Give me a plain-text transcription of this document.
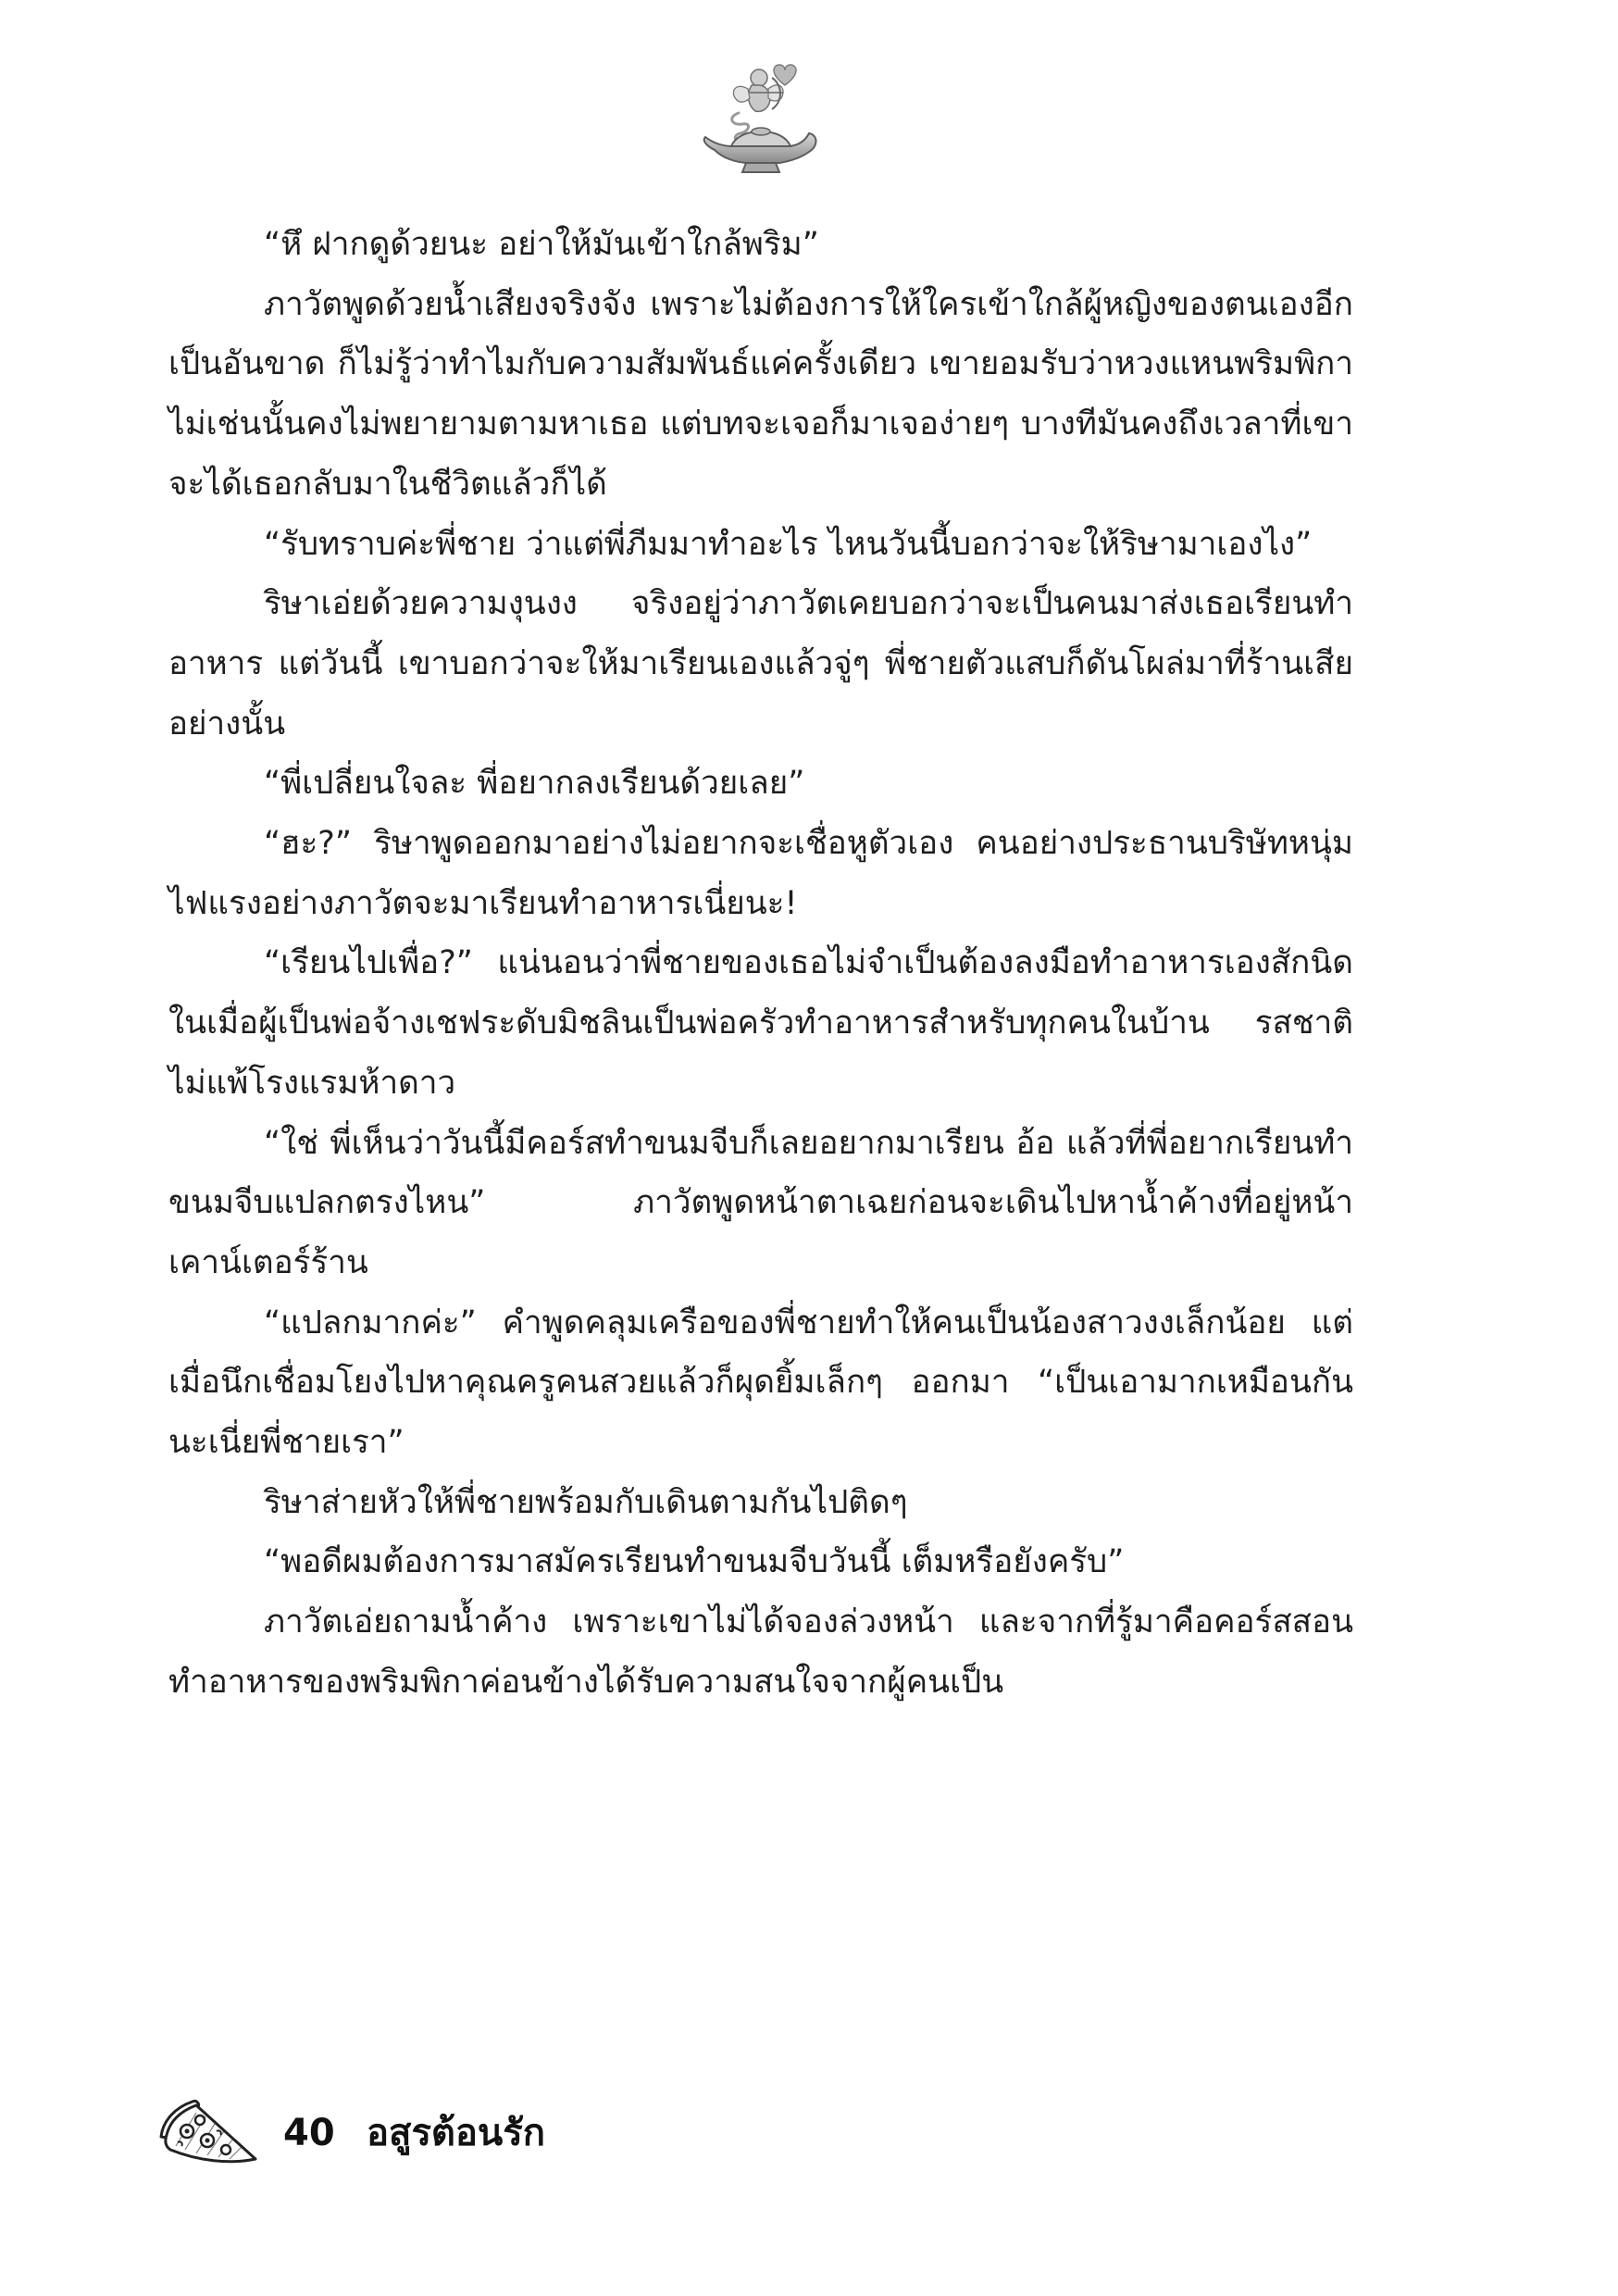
“หึ ฝากดูด้วยนะ อย่าให้มันเข้าใกล้พริม”

ภาวัตพูดด้วยน้ำเสียงจริงจัง เพราะไม่ต้องการให้ใครเข้าใกล้ผู้หญิงของตนเองอีกเป็นอันขาด ก็ไม่รู้ว่าทำไมกับความสัมพันธ์แค่ครั้งเดียว เขายอมรับว่าหวงแหนพริมพิกา ไม่เช่นนั้นคงไม่พยายามตามหาเธอ แต่บทจะเจอก็มาเจอง่ายๆ บางทีมันคงถึงเวลาที่เขาจะได้เธอกลับมาในชีวิตแล้วก็ได้

“รับทราบค่ะพี่ชาย ว่าแต่พี่ภีมมาทำอะไร ไหนวันนี้บอกว่าจะให้ริษามาเองไง”

ริษาเอ่ยด้วยความงุนงง จริงอยู่ว่าภาวัตเคยบอกว่าจะเป็นคนมาส่งเธอเรียนทำอาหาร แต่วันนี้ เขาบอกว่าจะให้มาเรียนเองแล้วจู่ๆ พี่ชายตัวแสบก็ดันโผล่มาที่ร้านเสียอย่างนั้น

“พี่เปลี่ยนใจละ พี่อยากลงเรียนด้วยเลย”

“ฮะ?” ริษาพูดออกมาอย่างไม่อยากจะเชื่อหูตัวเอง คนอย่างประธานบริษัทหนุ่มไฟแรงอย่างภาวัตจะมาเรียนทำอาหารเนี่ยนะ!

“เรียนไปเพื่อ?” แน่นอนว่าพี่ชายของเธอไม่จำเป็นต้องลงมือทำอาหารเองสักนิด ในเมื่อผู้เป็นพ่อจ้างเชฟระดับมิชลินเป็นพ่อครัวทำอาหารสำหรับทุกคนในบ้าน รสชาติไม่แพ้โรงแรมห้าดาว

“ใช่ พี่เห็นว่าวันนี้มีคอร์สทำขนมจีบก็เลยอยากมาเรียน อ้อ แล้วที่พี่อยากเรียนทำขนมจีบแปลกตรงไหน” ภาวัตพูดหน้าตาเฉยก่อนจะเดินไปหาน้ำค้างที่อยู่หน้าเคาน์เตอร์ร้าน

“แปลกมากค่ะ” คำพูดคลุมเครือของพี่ชายทำให้คนเป็นน้องสาวงงเล็กน้อย แต่เมื่อนึกเชื่อมโยงไปหาคุณครูคนสวยแล้วก็ผุดยิ้มเล็กๆ ออกมา “เป็นเอามากเหมือนกันนะเนี่ยพี่ชายเรา”

ริษาส่ายหัวให้พี่ชายพร้อมกับเดินตามกันไปติดๆ

“พอดีผมต้องการมาสมัครเรียนทำขนมจีบวันนี้ เต็มหรือยังครับ”

ภาวัตเอ่ยถามน้ำค้าง เพราะเขาไม่ได้จองล่วงหน้า และจากที่รู้มาคือคอร์สสอนทำอาหารของพริมพิกาค่อนข้างได้รับความสนใจจากผู้คนเป็น

40 อสูรต้อนรัก
